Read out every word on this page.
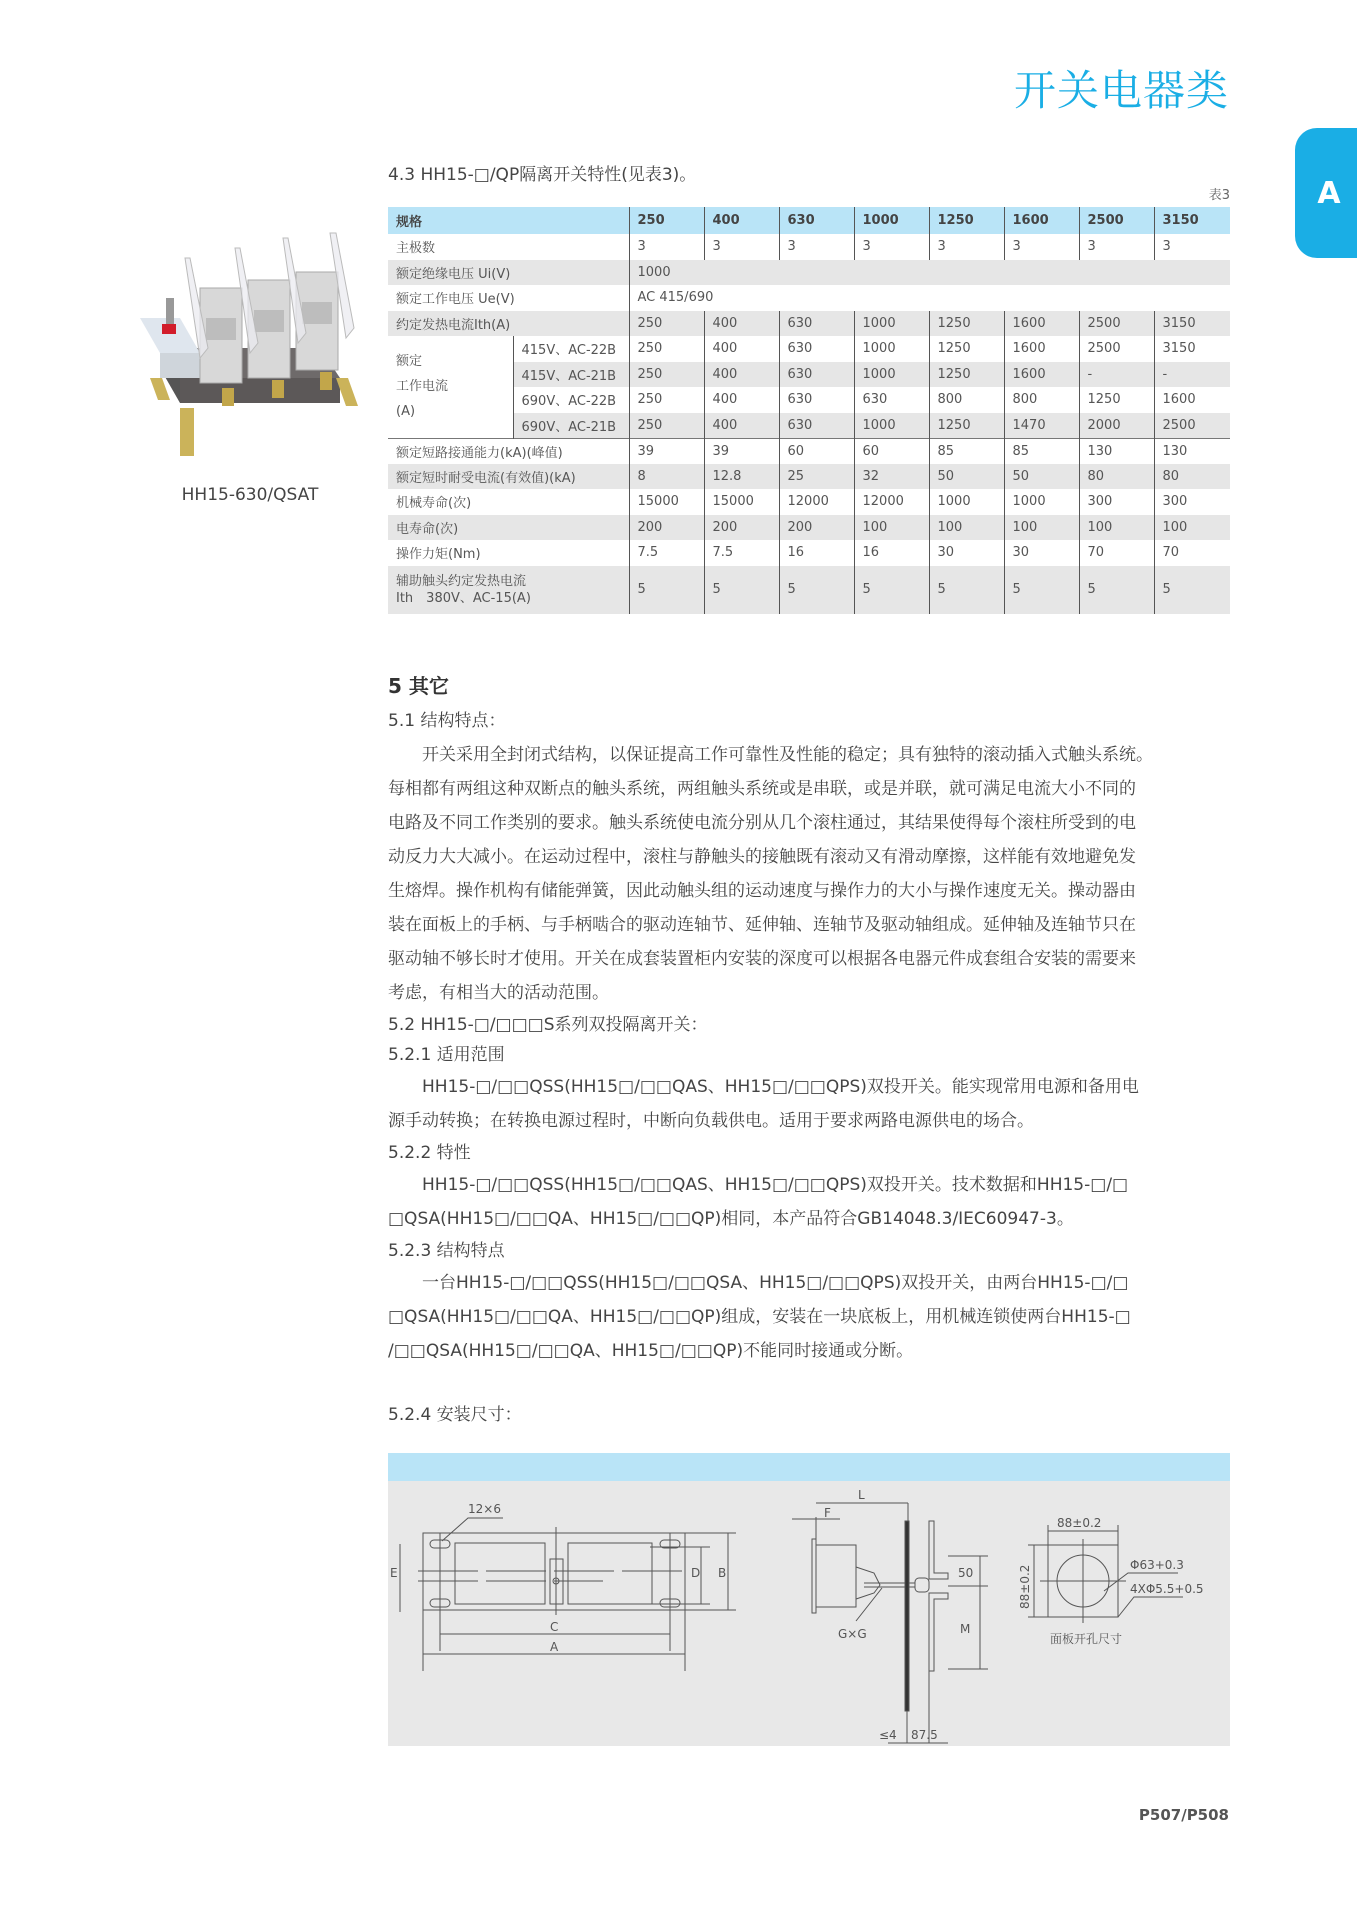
开关电器类
A
HH15-630/QSAT
4.3 HH15-□/QP隔离开关特性(见表3)。
表3
规格		250	400	630	1000	1250	1600	2500	3150
主极数		3	3	3	3	3	3	3	3
额定绝缘电压 Ui(V)		1000							
额定工作电压 Ue(V)		AC 415/690							
约定发热电流Ith(A)		250	400	630	1000	1250	1600	2500	3150

额定
工作电流
(A)	415V、AC-22B	250	400	630	1000	1250	1600	2500	3150
	415V、AC-21B	250	400	630	1000	1250	1600	-	-
	690V、AC-22B	250	400	630	630	800	800	1250	1600
	690V、AC-21B	250	400	630	1000	1250	1470	2000	2500
额定短路接通能力(kA)(峰值)		39	39	60	60	85	85	130	130
额定短时耐受电流(有效值)(kA)		8	12.8	25	32	50	50	80	80
机械寿命(次)		15000	15000	12000	12000	1000	1000	300	300
电寿命(次)		200	200	200	100	100	100	100	100
操作力矩(Nm)		7.5	7.5	16	16	30	30	70	70

辅助触头约定发热电流
Ith　380V、AC-15(A)		5	5	5	5	5	5	5	5
5 其它

5.1 结构特点：

开关采用全封闭式结构，以保证提高工作可靠性及性能的稳定；具有独特的滚动插入式触头系统。

每相都有两组这种双断点的触头系统，两组触头系统或是串联，或是并联，就可满足电流大小不同的

电路及不同工作类别的要求。触头系统使电流分别从几个滚柱通过，其结果使得每个滚柱所受到的电

动反力大大减小。在运动过程中，滚柱与静触头的接触既有滚动又有滑动摩擦，这样能有效地避免发

生熔焊。操作机构有储能弹簧，因此动触头组的运动速度与操作力的大小与操作速度无关。操动器由

装在面板上的手柄、与手柄啮合的驱动连轴节、延伸轴、连轴节及驱动轴组成。延伸轴及连轴节只在

驱动轴不够长时才使用。开关在成套装置柜内安装的深度可以根据各电器元件成套组合安装的需要来

考虑，有相当大的活动范围。

5.2 HH15-□/□□□S系列双投隔离开关：

5.2.1 适用范围

HH15-□/□□QSS(HH15□/□□QAS、HH15□/□□QPS)双投开关。能实现常用电源和备用电

源手动转换；在转换电源过程时，中断向负载供电。适用于要求两路电源供电的场合。

5.2.2 特性

HH15-□/□□QSS(HH15□/□□QAS、HH15□/□□QPS)双投开关。技术数据和HH15-□/□

□QSA(HH15□/□□QA、HH15□/□□QP)相同，本产品符合GB14048.3/IEC60947-3。

5.2.3 结构特点

一台HH15-□/□□QSS(HH15□/□□QSA、HH15□/□□QPS)双投开关，由两台HH15-□/□

□QSA(HH15□/□□QA、HH15□/□□QP)组成，安装在一块底板上，用机械连锁使两台HH15-□

/□□QSA(HH15□/□□QA、HH15□/□□QP)不能同时接通或分断。

5.2.4 安装尺寸：

12×6
C
A
D B
E
L
F
50
M
G×G
≤4 87.5
88±0.2
88±0.2	Φ63+0.3
4XΦ5.5+0.5
面板开孔尺寸
P507/P508
